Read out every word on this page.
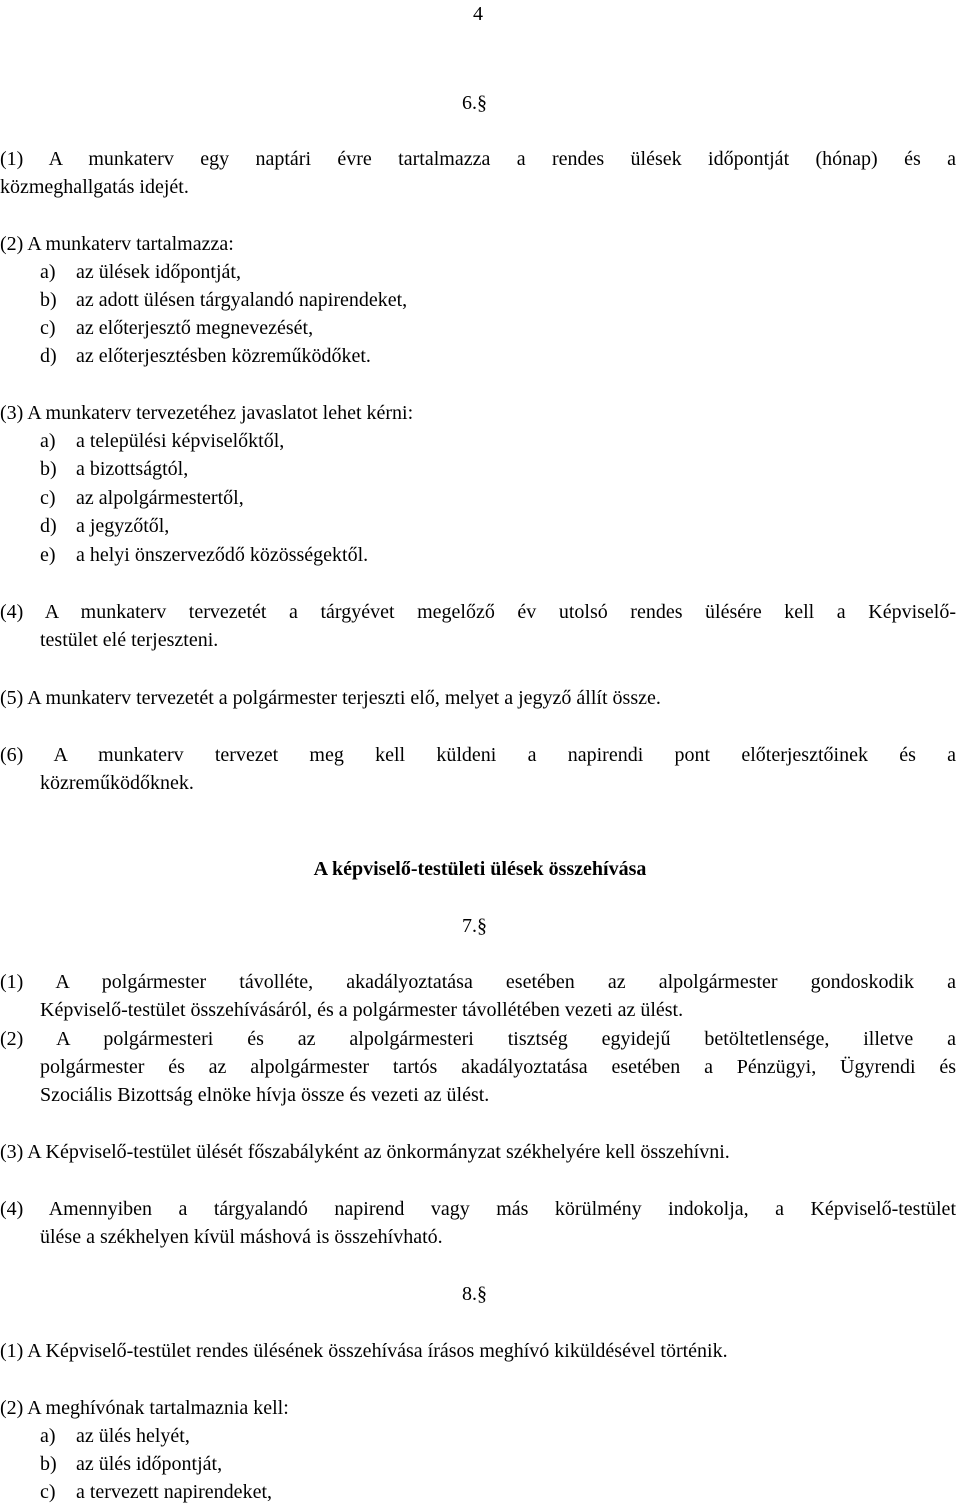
4
6.§
(1) A munkaterv egy naptári évre tartalmazza a rendes ülések időpontját (hónap) és a
közmeghallgatás idejét.
(2) A munkaterv tartalmazza:
a) az ülések időpontját,
b) az adott ülésen tárgyalandó napirendeket,
c) az előterjesztő megnevezését,
d) az előterjesztésben közreműködőket.
(3) A munkaterv tervezetéhez javaslatot lehet kérni:
a) a települési képviselőktől,
b) a bizottságtól,
c) az alpolgármestertől,
d) a jegyzőtől,
e) a helyi önszerveződő közösségektől.
(4) A munkaterv tervezetét a tárgyévet megelőző év utolsó rendes ülésére kell a Képviselő-
testület elé terjeszteni.
(5) A munkaterv tervezetét a polgármester terjeszti elő, melyet a jegyző állít össze.
(6) A munkaterv tervezet meg kell küldeni a napirendi pont előterjesztőinek és a
közreműködőknek.
A képviselő-testületi ülések összehívása
7.§
(1) A polgármester távolléte, akadályoztatása esetében az alpolgármester gondoskodik a
Képviselő-testület összehívásáról, és a polgármester távollétében vezeti az ülést.
(2) A polgármesteri és az alpolgármesteri tisztség egyidejű betöltetlensége, illetve a
polgármester és az alpolgármester tartós akadályoztatása esetében a Pénzügyi, Ügyrendi és
Szociális Bizottság elnöke hívja össze és vezeti az ülést.
(3) A Képviselő-testület ülését főszabályként az önkormányzat székhelyére kell összehívni.
(4) Amennyiben a tárgyalandó napirend vagy más körülmény indokolja, a Képviselő-testület
ülése a székhelyen kívül máshová is összehívható.
8.§
(1) A Képviselő-testület rendes ülésének összehívása írásos meghívó kiküldésével történik.
(2) A meghívónak tartalmaznia kell:
a) az ülés helyét,
b) az ülés időpontját,
c) a tervezett napirendeket,
